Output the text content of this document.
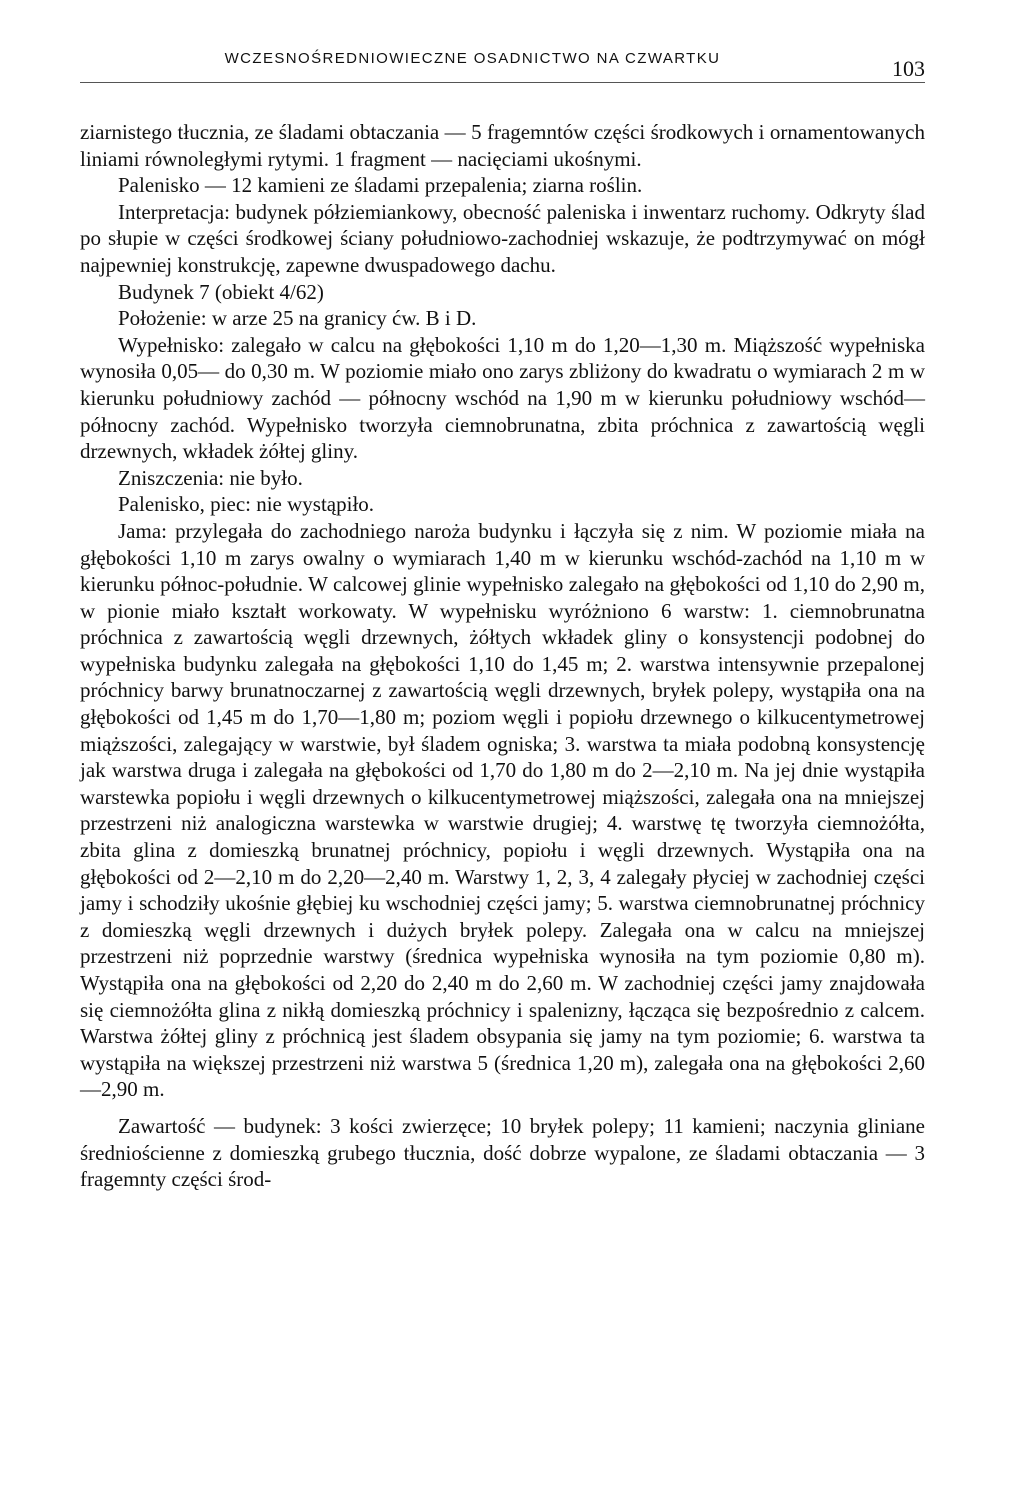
WCZESNOŚREDNIOWIECZNE OSADNICTWO NA CZWARTKU	103

ziarnistego tłucznia, ze śladami obtaczania — 5 fragemntów części środkowych i ornamentowanych liniami równoległymi rytymi. 1 fragment — nacięciami ukośnymi.

Palenisko — 12 kamieni ze śladami przepalenia; ziarna roślin.

Interpretacja: budynek półziemiankowy, obecność paleniska i inwentarz ruchomy. Odkryty ślad po słupie w części środkowej ściany południowo-zachodniej wskazuje, że podtrzymywać on mógł najpewniej konstrukcję, zapewne dwuspadowego dachu.

Budynek 7 (obiekt 4/62)

Położenie: w arze 25 na granicy ćw. B i D.

Wypełnisko: zalegało w calcu na głębokości 1,10 m do 1,20—1,30 m. Miąższość wypełniska wynosiła 0,05— do 0,30 m. W poziomie miało ono zarys zbliżony do kwadratu o wymiarach 2 m w kierunku południowy zachód — północny wschód na 1,90 m w kierunku południowy wschód—północny zachód. Wypełnisko tworzyła ciemnobrunatna, zbita próchnica z zawartością węgli drzewnych, wkładek żółtej gliny.

Zniszczenia: nie było.

Palenisko, piec: nie wystąpiło.

Jama: przylegała do zachodniego naroża budynku i łączyła się z nim. W poziomie miała na głębokości 1,10 m zarys owalny o wymiarach 1,40 m w kierunku wschód-zachód na 1,10 m w kierunku północ-południe. W calcowej glinie wypełnisko zalegało na głębokości od 1,10 do 2,90 m, w pionie miało kształt workowaty. W wypełnisku wyróżniono 6 warstw: 1. ciemnobrunatna próchnica z zawartością węgli drzewnych, żółtych wkładek gliny o konsystencji podobnej do wypełniska budynku zalegała na głębokości 1,10 do 1,45 m; 2. warstwa intensywnie przepalonej próchnicy barwy brunatnoczarnej z zawartością węgli drzewnych, bryłek polepy, wystąpiła ona na głębokości od 1,45 m do 1,70—1,80 m; poziom węgli i popiołu drzewnego o kilkucentymetrowej miąższości, zalegający w warstwie, był śladem ogniska; 3. warstwa ta miała podobną konsystencję jak warstwa druga i zalegała na głębokości od 1,70 do 1,80 m do 2—2,10 m. Na jej dnie wystąpiła warstewka popiołu i węgli drzewnych o kilkucentymetrowej miąższości, zalegała ona na mniejszej przestrzeni niż analogiczna warstewka w warstwie drugiej; 4. warstwę tę tworzyła ciemnożółta, zbita glina z domieszką brunatnej próchnicy, popiołu i węgli drzewnych. Wystąpiła ona na głębokości od 2—2,10 m do 2,20—2,40 m. Warstwy 1, 2, 3, 4 zalegały płyciej w zachodniej części jamy i schodziły ukośnie głębiej ku wschodniej części jamy; 5. warstwa ciemnobrunatnej próchnicy z domieszką węgli drzewnych i dużych bryłek polepy. Zalegała ona w calcu na mniejszej przestrzeni niż poprzednie warstwy (średnica wypełniska wynosiła na tym poziomie 0,80 m). Wystąpiła ona na głębokości od 2,20 do 2,40 m do 2,60 m. W zachodniej części jamy znajdowała się ciemnożółta glina z nikłą domieszką próchnicy i spalenizny, łącząca się bezpośrednio z calcem. Warstwa żółtej gliny z próchnicą jest śladem obsypania się jamy na tym poziomie; 6. warstwa ta wystąpiła na większej przestrzeni niż warstwa 5 (średnica 1,20 m), zalegała ona na głębokości 2,60—2,90 m.

Zawartość — budynek: 3 kości zwierzęce; 10 bryłek polepy; 11 kamieni; naczynia gliniane średniościenne z domieszką grubego tłucznia, dość dobrze wypalone, ze śladami obtaczania — 3 fragemnty części środ-
